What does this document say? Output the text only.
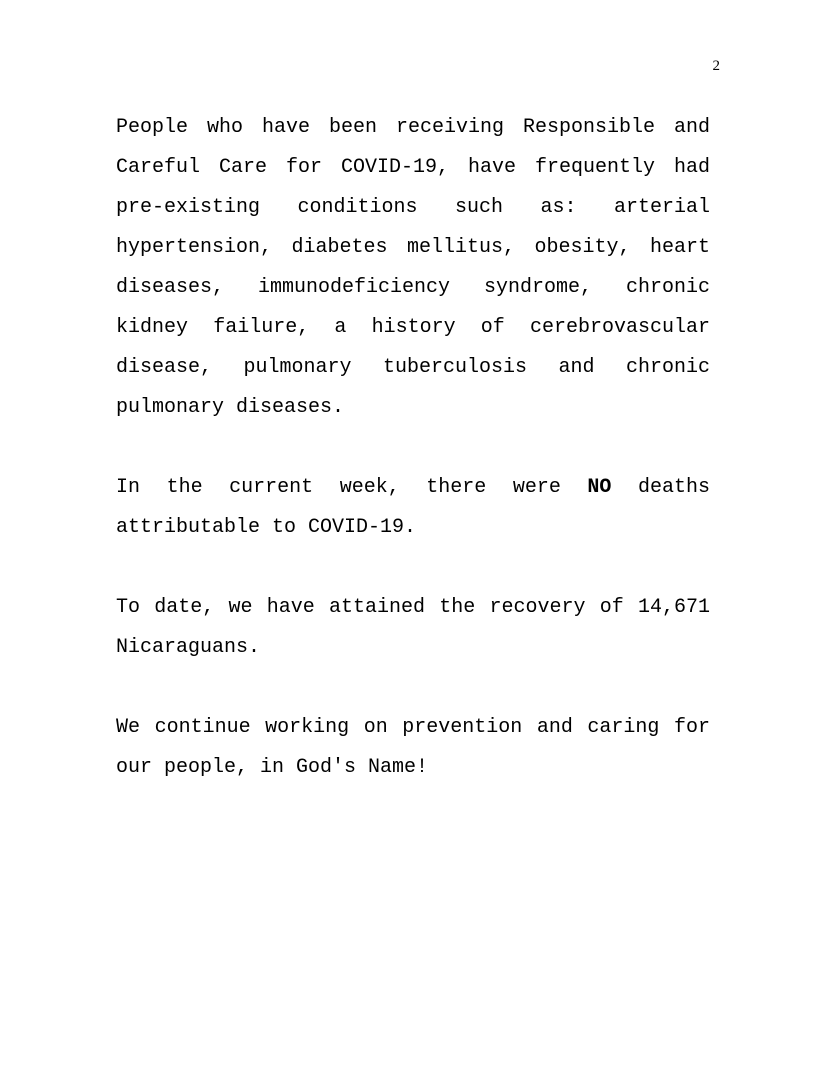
2

People who have been receiving Responsible and Careful Care for COVID-19, have frequently had pre-existing conditions such as: arterial hypertension, diabetes mellitus, obesity, heart diseases, immunodeficiency syndrome, chronic kidney failure, a history of cerebrovascular disease, pulmonary tuberculosis and chronic pulmonary diseases.

In the current week, there were NO deaths attributable to COVID-19.

To date, we have attained the recovery of 14,671 Nicaraguans.

We continue working on prevention and caring for our people, in God's Name!
